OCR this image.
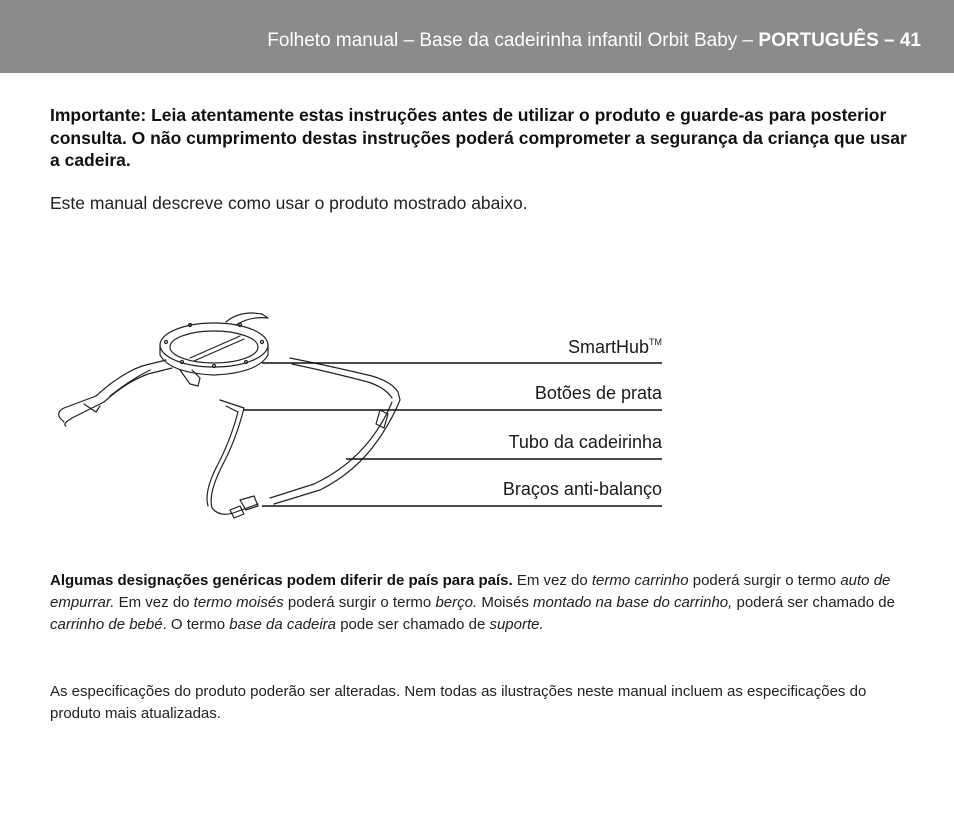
Folheto manual – Base da cadeirinha infantil Orbit Baby – PORTUGUÊS – 41
Importante: Leia atentamente estas instruções antes de utilizar o produto e guarde-as para posterior consulta. O não cumprimento destas instruções poderá comprometer a segurança da criança que usar a cadeira.
Este manual descreve como usar o produto mostrado abaixo.
SmartHub™
Botões de prata
Tubo da cadeirinha
Braços anti-balanço
Algumas designações genéricas podem diferir de país para país. Em vez do termo carrinho poderá surgir o termo auto de empurrar. Em vez do termo moisés poderá surgir o termo berço. Moisés montado na base do carrinho, poderá ser chamado de carrinho de bebé. O termo base da cadeira pode ser chamado de suporte.
As especificações do produto poderão ser alteradas. Nem todas as ilustrações neste manual incluem as especificações do produto mais atualizadas.
